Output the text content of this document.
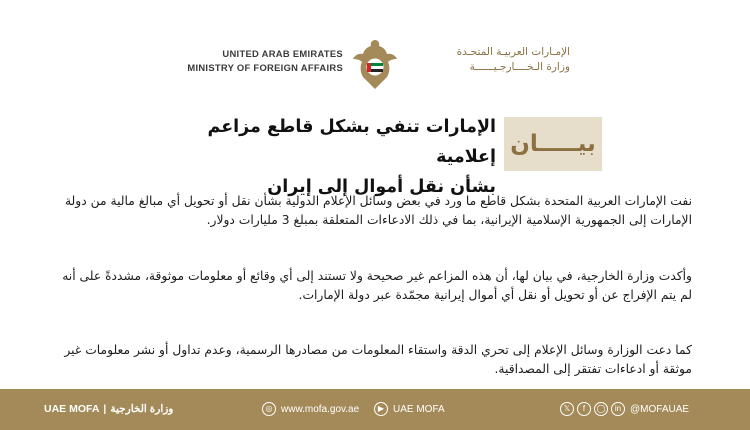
UNITED ARAB EMIRATES
MINISTRY OF FOREIGN AFFAIRS
الإمـارات العربيـة المتحـدة
وزارة الـخــــارجـيــــــة
الإمارات تنفي بشكل قاطع مزاعم إعلامية
بشأن نقل أموال إلى إيران
بيـــــان
نفت الإمارات العربية المتحدة بشكل قاطع ما ورد في بعض وسائل الإعلام الدولية بشأن نقل أو تحويل أي مبالغ مالية من دولة الإمارات إلى الجمهورية الإسلامية الإيرانية، بما في ذلك الادعاءات المتعلقة بمبلغ 3 مليارات دولار.
وأكدت وزارة الخارجية، في بيان لها، أن هذه المزاعم غير صحيحة ولا تستند إلى أي وقائع أو معلومات موثوقة، مشددةً على أنه لم يتم الإفراج عن أو تحويل أو نقل أي أموال إيرانية مجمّدة عبر دولة الإمارات.
كما دعت الوزارة وسائل الإعلام إلى تحري الدقة واستقاء المعلومات من مصادرها الرسمية، وعدم تداول أو نشر معلومات غير موثقة أو ادعاءات تفتقر إلى المصداقية.
UAE MOFA | وزارة الخارجية	◎ www.mofa.gov.ae	▶ UAE MOFA	𝕏	f	◯	in @MOFAUAE
